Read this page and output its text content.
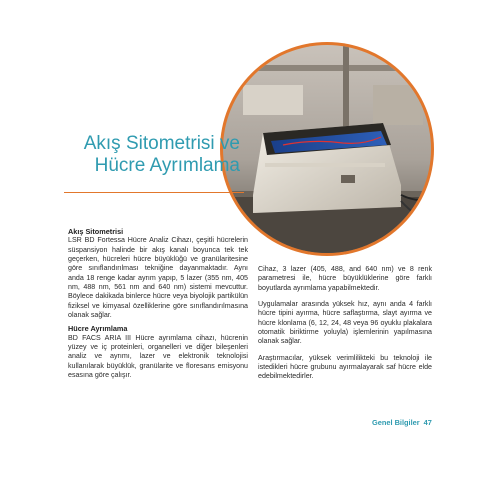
Akış Sitometrisi ve
Hücre Ayrımlama
Akış Sitometrisi

LSR BD Fortessa Hücre Analiz Cihazı, çeşitli hücrelerin süspansiyon halinde bir akış kanalı boyunca tek tek geçerken, hücreleri hücre büyüklüğü ve granülaritesine göre sınıflandırılması tekniğine dayanmaktadır. Aynı anda 18 renge kadar ayrım yapıp, 5 lazer (355 nm, 405 nm, 488 nm, 561 nm and 640 nm) sistemi mevcuttur. Böylece dakikada binlerce hücre veya biyolojik partikülün fiziksel ve kimyasal özelliklerine göre sınıflandırılmasına olanak sağlar.

Hücre Ayrımlama

BD FACS ARIA III Hücre ayrımlama cihazı, hücrenin yüzey ve iç proteinleri, organelleri ve diğer bileşenleri analiz ve ayrımı, lazer ve elektronik teknolojisi kullanılarak büyüklük, granülarite ve floresans emisyonu esasına göre çalışır.

Cihaz, 3 lazer (405, 488, and 640 nm) ve 8 renk parametresi ile, hücre büyüklüklerine göre farklı boyutlarda ayrımlama yapabilmektedir.

Uygulamalar arasında yüksek hız, aynı anda 4 farklı hücre tipini ayırma, hücre saflaştırma, slayt ayırma ve hücre klonlama (6, 12, 24, 48 veya 96 oyuklu plakalara otomatik biriktirme yoluyla) işlemlerinin yapılmasına olanak sağlar.

Araştırmacılar, yüksek verimlilikteki bu teknoloji ile istedikleri hücre grubunu ayırmalayarak saf hücre elde edebilmektedirler.

Genel Bilgiler 47
